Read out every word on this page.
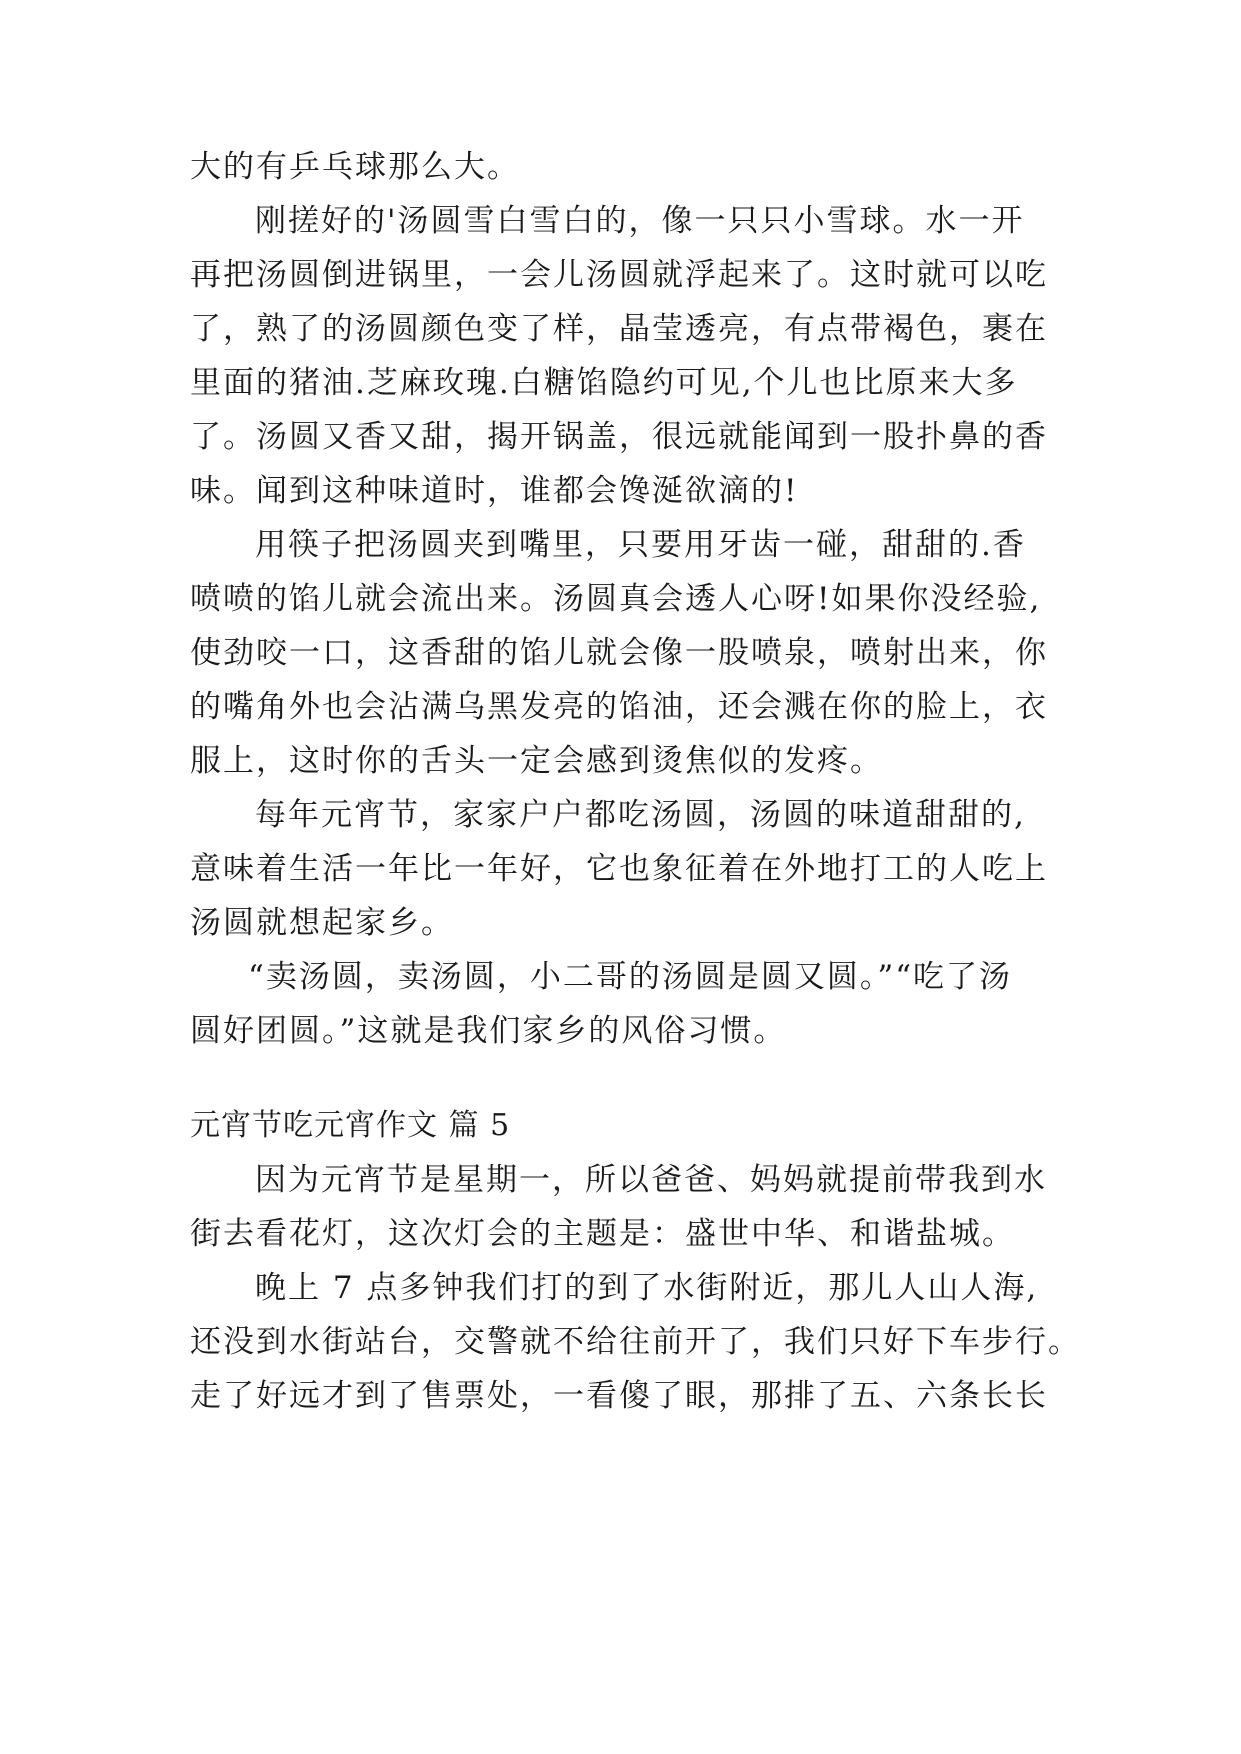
大的有乒乓球那么大。
刚搓好的'汤圆雪白雪白的，像一只只小雪球。水一开
再把汤圆倒进锅里，一会儿汤圆就浮起来了。这时就可以吃
了，熟了的汤圆颜色变了样，晶莹透亮，有点带褐色，裹在
里面的猪油.芝麻玫瑰.白糖馅隐约可见,个儿也比原来大多
了。汤圆又香又甜，揭开锅盖，很远就能闻到一股扑鼻的香
味。闻到这种味道时，谁都会馋涎欲滴的!
用筷子把汤圆夹到嘴里，只要用牙齿一碰，甜甜的.香
喷喷的馅儿就会流出来。汤圆真会透人心呀!如果你没经验,
使劲咬一口，这香甜的馅儿就会像一股喷泉，喷射出来，你
的嘴角外也会沾满乌黑发亮的馅油，还会溅在你的脸上，衣
服上，这时你的舌头一定会感到烫焦似的发疼。
每年元宵节，家家户户都吃汤圆，汤圆的味道甜甜的,
意味着生活一年比一年好，它也象征着在外地打工的人吃上
汤圆就想起家乡。
“卖汤圆，卖汤圆，小二哥的汤圆是圆又圆。”“吃了汤
圆好团圆。”这就是我们家乡的风俗习惯。
元宵节吃元宵作文 篇 5
因为元宵节是星期一，所以爸爸、妈妈就提前带我到水
街去看花灯，这次灯会的主题是：盛世中华、和谐盐城。
晚上 7 点多钟我们打的到了水街附近，那儿人山人海,
还没到水街站台，交警就不给往前开了，我们只好下车步行。
走了好远才到了售票处，一看傻了眼，那排了五、六条长长
